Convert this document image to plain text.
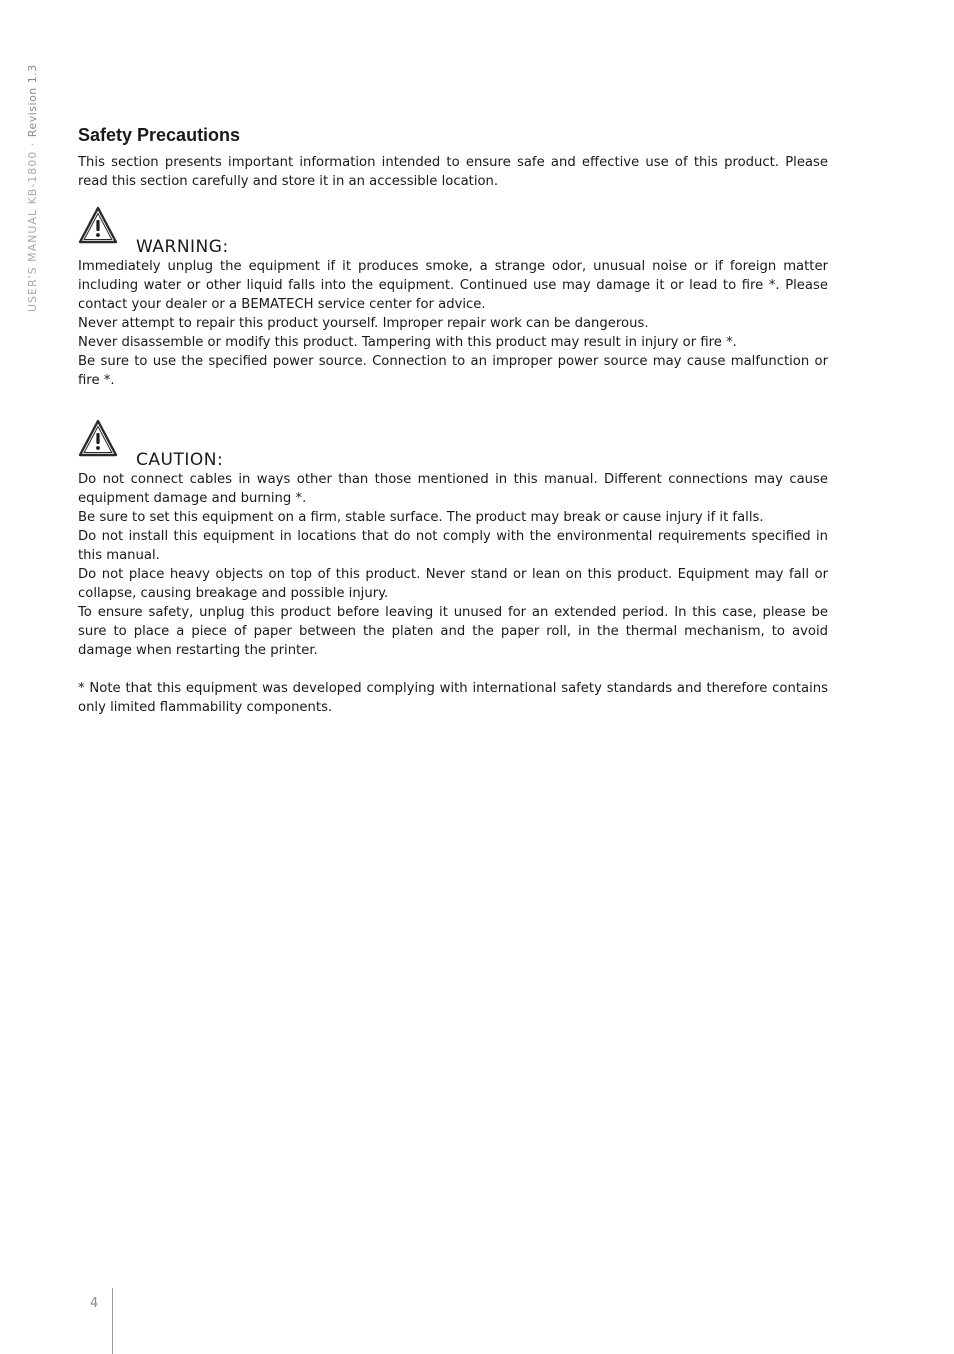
USER'S MANUAL KB-1800 · Revision 1.3 Safety Precautions

This section presents important information intended to ensure safe and effective use of this product. Please read this section carefully and store it in an accessible location.

WARNING:

Immediately unplug the equipment if it produces smoke, a strange odor, unusual noise or if foreign matter including water or other liquid falls into the equipment. Continued use may damage it or lead to fire *. Please contact your dealer or a BEMATECH service center for advice.

Never attempt to repair this product yourself. Improper repair work can be dangerous.

Never disassemble or modify this product. Tampering with this product may result in injury or fire *.

Be sure to use the specified power source. Connection to an improper power source may cause malfunction or fire *.

CAUTION:

Do not connect cables in ways other than those mentioned in this manual. Different connections may cause equipment damage and burning *.

Be sure to set this equipment on a firm, stable surface. The product may break or cause injury if it falls.

Do not install this equipment in locations that do not comply with the environmental requirements specified in this manual.

Do not place heavy objects on top of this product. Never stand or lean on this product. Equipment may fall or collapse, causing breakage and possible injury.

To ensure safety, unplug this product before leaving it unused for an extended period. In this case, please be sure to place a piece of paper between the platen and the paper roll, in the thermal mechanism, to avoid damage when restarting the printer.

* Note that this equipment was developed complying with international safety standards and therefore contains only limited flammability components.

4
